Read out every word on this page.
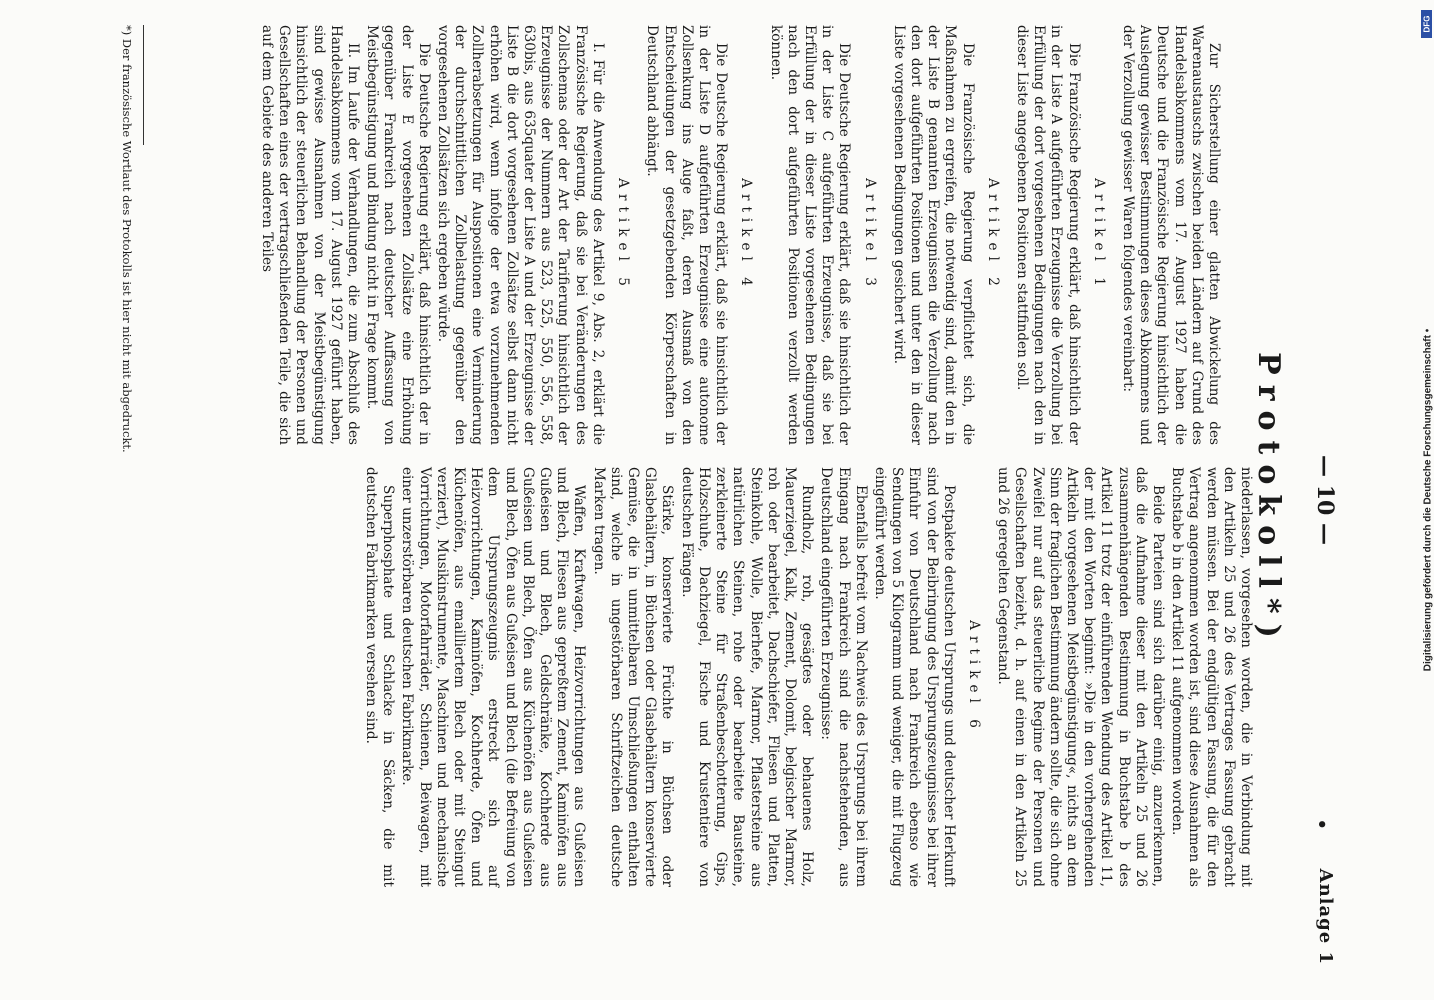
— 10 —
•
Anlage 1
Protokoll*)

Zur Sicherstellung einer glatten Abwickelung des Warenaustauschs zwischen beiden Ländern auf Grund des Handelsabkommens vom 17. August 1927 haben die Deutsche und die Französische Regierung hinsichtlich der Auslegung gewisser Bestimmungen dieses Abkommens und der Verzollung gewisser Waren folgendes vereinbart:

Artikel 1

Die Französische Regierung erklärt, daß hinsichtlich der in der Liste A aufgeführten Erzeugnisse die Verzollung bei Erfüllung der dort vorgesehenen Bedingungen nach den in dieser Liste angegebenen Positionen stattfinden soll.

Artikel 2

Die Französische Regierung verpflichtet sich, die Maßnahmen zu ergreifen, die notwendig sind, damit den in der Liste B genannten Erzeugnissen die Verzollung nach den dort aufgeführten Positionen und unter den in dieser Liste vorgesehenen Bedingungen gesichert wird.

Artikel 3

Die Deutsche Regierung erklärt, daß sie hinsichtlich der in der Liste C aufgeführten Erzeugnisse, daß sie bei Erfüllung der in dieser Liste vorgesehenen Bedingungen nach den dort aufgeführten Positionen verzollt werden können.

Artikel 4

Die Deutsche Regierung erklärt, daß sie hinsichtlich der in der Liste D aufgeführten Erzeugnisse eine autonome Zollsenkung ins Auge faßt, deren Ausmaß von den Entscheidungen der gesetzgebenden Körperschaften in Deutschland abhängt.

Artikel 5

I. Für die Anwendung des Artikel 9, Abs. 2, erklärt die Französische Regierung, daß sie bei Veränderungen des Zollschemas oder der Art der Tarifierung hinsichtlich der Erzeugnisse der Nummern aus 523, 525, 550, 556, 558, 630bis, aus 635quater der Liste A und der Erzeugnisse der Liste B die dort vorgesehenen Zollsätze selbst dann nicht erhöhen wird, wenn infolge der etwa vorzunehmenden Zollherabsetzungen für Auspositionen eine Verminderung der durchschnittlichen Zollbelastung gegenüber den vorgesehenen Zollsätzen sich ergeben würde.

Die Deutsche Regierung erklärt, daß hinsichtlich der in der Liste E vorgesehenen Zollsätze eine Erhöhung gegenüber Frankreich nach deutscher Auffassung von Meistbegünstigung und Bindung nicht in Frage kommt.

II. Im Laufe der Verhandlungen, die zum Abschluß des Handelsabkommens vom 17. August 1927 geführt haben, sind gewisse Ausnahmen von der Meistbegünstigung hinsichtlich der steuerlichen Behandlung der Personen und Gesellschaften eines der vertragschließenden Teile, die sich auf dem Gebiete des anderen Teiles

niederlassen, vorgesehen worden, die in Verbindung mit den Artikeln 25 und 26 des Vertrages Fassung gebracht werden müssen. Bei der endgültigen Fassung, die für den Vertrag angenommen worden ist, sind diese Ausnahmen als Buchstabe b in den Artikel 11 aufgenommen worden.

Beide Parteien sind sich darüber einig, anzuerkennen, daß die Aufnahme dieser mit den Artikeln 25 und 26 zusammenhängenden Bestimmung in Buchstabe b des Artikel 11 trotz der einführenden Wendung des Artikel 11, der mit den Worten beginnt: »Die in den vorhergehenden Artikeln vorgesehenen Meistbegünstigung«, nichts an dem Sinn der fraglichen Bestimmung ändern sollte, die sich ohne Zweifel nur auf das steuerliche Regime der Personen und Gesellschaften bezieht, d. h. auf einen in den Artikeln 25 und 26 geregelten Gegenstand.

Artikel 6

Postpakete deutschen Ursprungs und deutscher Herkunft sind von der Beibringung des Ursprungszeugnisses bei ihrer Einfuhr von Deutschland nach Frankreich ebenso wie Sendungen von 5 Kilogramm und weniger, die mit Flugzeug eingeführt werden.

Ebenfalls befreit vom Nachweis des Ursprungs bei ihrem Eingang nach Frankreich sind die nachstehenden, aus Deutschland eingeführten Erzeugnisse:

Rundholz, roh, gesägtes oder behauenes Holz, Mauerziegel, Kalk, Zement, Dolomit, belgischer Marmor, roh oder bearbeitet, Dachschiefer, Fliesen und Platten, Steinkohle, Wolle, Bierhefe, Marmor, Pflastersteine aus natürlichen Steinen, rohe oder bearbeitete Bausteine, zerkleinerte Steine für Straßenbeschotterung, Gips, Holzschuhe, Dachziegel, Fische und Krustentiere von deutschen Fängen.

Stärke, konservierte Früchte in Büchsen oder Glasbehältern, in Büchsen oder Glasbehältern konservierte Gemüse, die in unmittelbaren Umschließungen enthalten sind, welche in ungestörbaren Schriftzeichen deutsche Marken tragen.

Waffen, Kraftwagen, Heizvorrichtungen aus Gußeisen und Blech, Fliesen aus gepreßtem Zement, Kaminöfen aus Gußeisen und Blech, Geldschränke, Kochherde aus Gußeisen und Blech, Öfen aus Küchenöfen aus Gußeisen und Blech, Öfen aus Gußeisen und Blech (die Befreiung von dem Ursprungszeugnis erstreckt sich auf Heizvorrichtungen, Kaminöfen, Kochherde, Öfen und Küchenöfen, aus emailliertem Blech oder mit Steingut verziert), Musikinstrumente, Maschinen und mechanische Vorrichtungen, Motorfahrräder, Schienen, Beiwagen, mit einer unzerstörbaren deutschen Fabrikmarke.

Superphosphate und Schlacke in Säcken, die mit deutschen Fabrikmarken versehen sind.

*) Der französische Wortlaut des Protokolls ist hier nicht mit abgedruckt.
Digitalisierung gefördert durch die Deutsche Forschungsgemeinschaft •
DFG
